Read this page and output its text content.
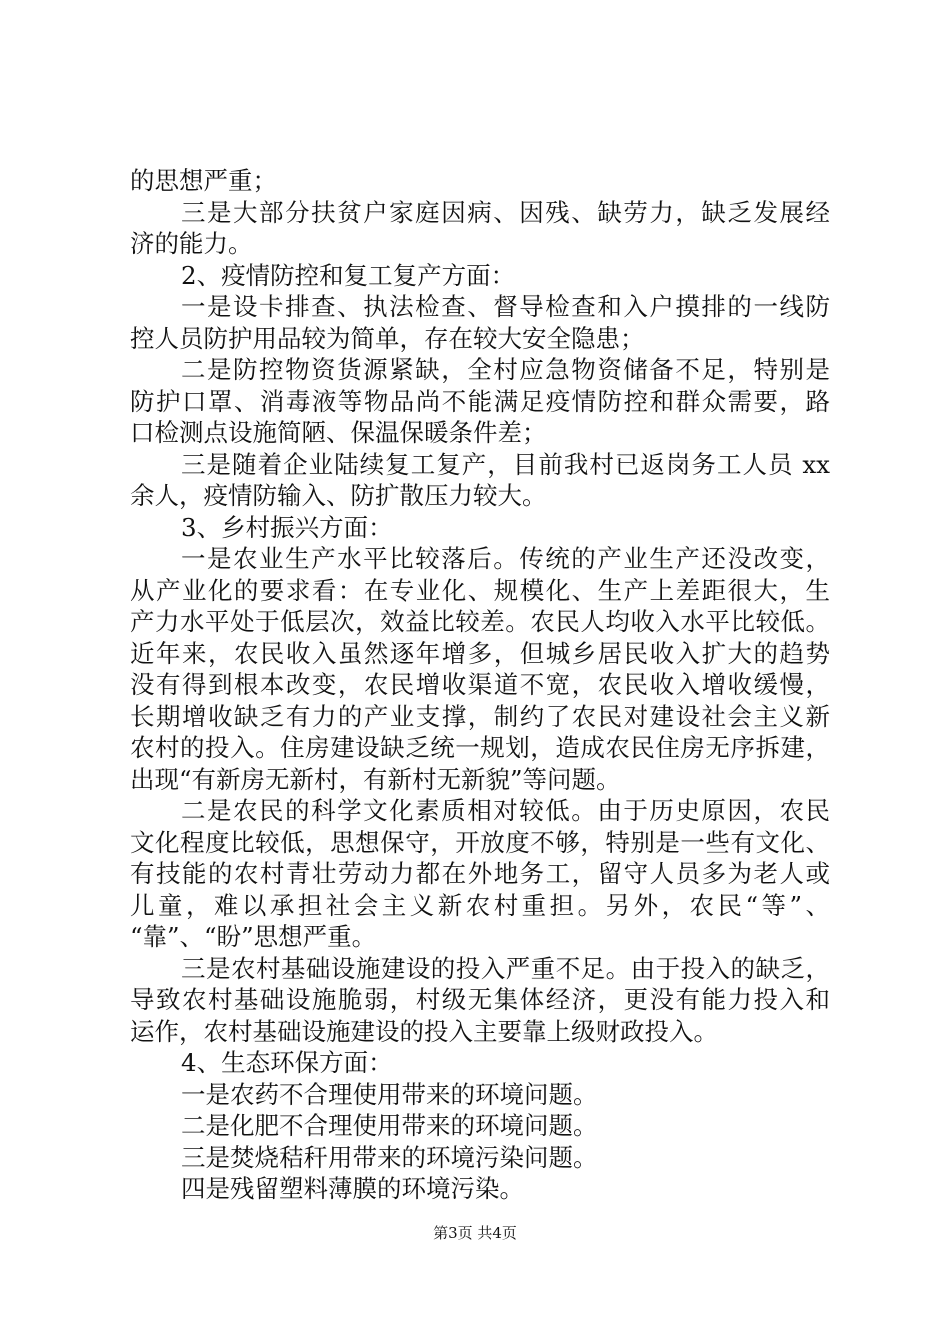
的思想严重；
三是大部分扶贫户家庭因病、因残、缺劳力，缺乏发展经
济的能力。
2、疫情防控和复工复产方面：
一是设卡排查、执法检查、督导检查和入户摸排的一线防
控人员防护用品较为简单，存在较大安全隐患；
二是防控物资货源紧缺，全村应急物资储备不足，特别是
防护口罩、消毒液等物品尚不能满足疫情防控和群众需要，路
口检测点设施简陋、保温保暖条件差；
三是随着企业陆续复工复产，目前我村已返岗务工人员 xx
余人，疫情防输入、防扩散压力较大。
3、乡村振兴方面：
一是农业生产水平比较落后。传统的产业生产还没改变，
从产业化的要求看：在专业化、规模化、生产上差距很大，生
产力水平处于低层次，效益比较差。农民人均收入水平比较低。
近年来，农民收入虽然逐年增多，但城乡居民收入扩大的趋势
没有得到根本改变，农民增收渠道不宽，农民收入增收缓慢，
长期增收缺乏有力的产业支撑，制约了农民对建设社会主义新
农村的投入。住房建设缺乏统一规划，造成农民住房无序拆建，
出现“有新房无新村，有新村无新貌”等问题。
二是农民的科学文化素质相对较低。由于历史原因，农民
文化程度比较低，思想保守，开放度不够，特别是一些有文化、
有技能的农村青壮劳动力都在外地务工，留守人员多为老人或
儿童，难以承担社会主义新农村重担。另外，农民“等”、
“靠”、“盼”思想严重。
三是农村基础设施建设的投入严重不足。由于投入的缺乏，
导致农村基础设施脆弱，村级无集体经济，更没有能力投入和
运作，农村基础设施建设的投入主要靠上级财政投入。
4、生态环保方面：
一是农药不合理使用带来的环境问题。
二是化肥不合理使用带来的环境问题。
三是焚烧秸秆用带来的环境污染问题。
四是残留塑料薄膜的环境污染。
第3页 共4页
